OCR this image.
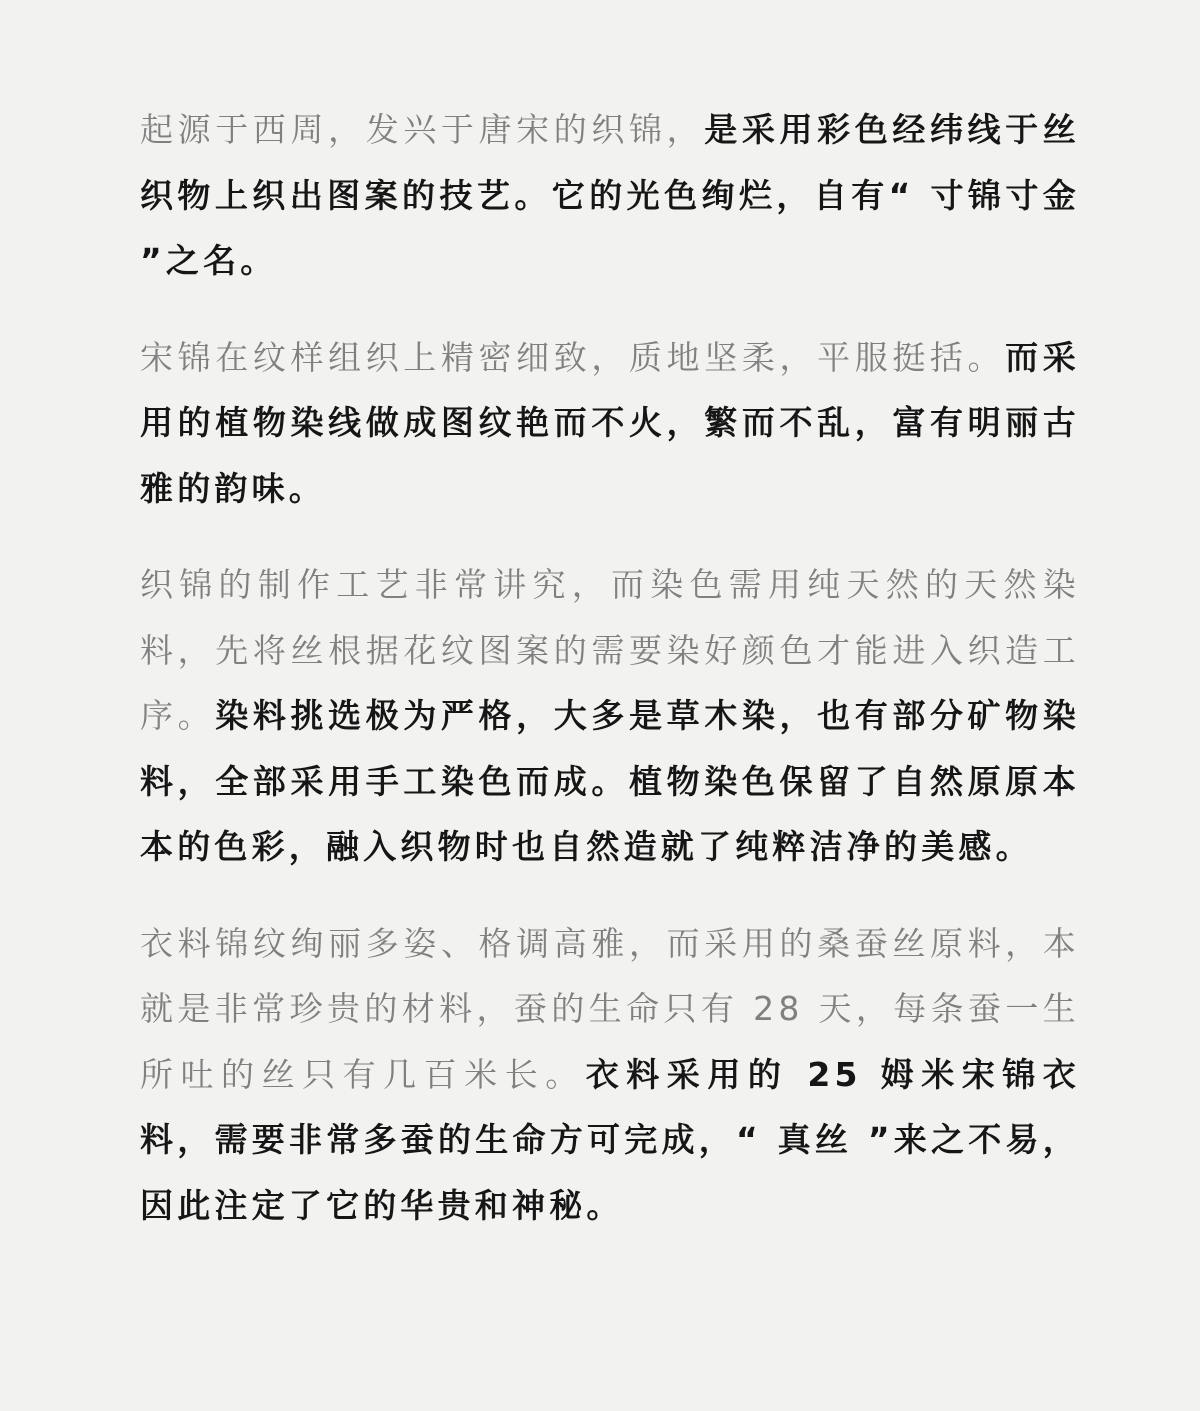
起源于西周，发兴于唐宋的织锦，是采用彩色经纬线于丝织物上织出图案的技艺。它的光色绚烂，自有“ 寸锦寸金 ”之名。

宋锦在纹样组织上精密细致，质地坚柔，平服挺括。而采用的植物染线做成图纹艳而不火，繁而不乱，富有明丽古雅的韵味。

织锦的制作工艺非常讲究，而染色需用纯天然的天然染料，先将丝根据花纹图案的需要染好颜色才能进入织造工序。染料挑选极为严格，大多是草木染，也有部分矿物染料，全部采用手工染色而成。植物染色保留了自然原原本本的色彩，融入织物时也自然造就了纯粹洁净的美感。

衣料锦纹绚丽多姿、格调高雅，而采用的桑蚕丝原料，本就是非常珍贵的材料，蚕的生命只有 28 天，每条蚕一生所吐的丝只有几百米长。衣料采用的 25 姆米宋锦衣料，需要非常多蚕的生命方可完成，“ 真丝 ”来之不易，因此注定了它的华贵和神秘。
